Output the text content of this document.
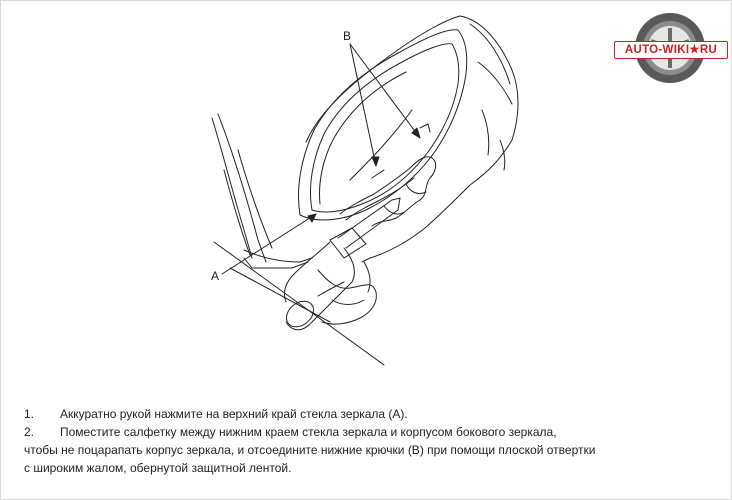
A
B
AUTO-WIKI★RU
1. Аккуратно рукой нажмите на верхний край стекла зеркала (A).
2. Поместите салфетку между нижним краем стекла зеркала и корпусом бокового зеркала,
чтобы не поцарапать корпус зеркала, и отсоедините нижние крючки (B) при помощи плоской отвертки
с широким жалом, обернутой защитной лентой.
